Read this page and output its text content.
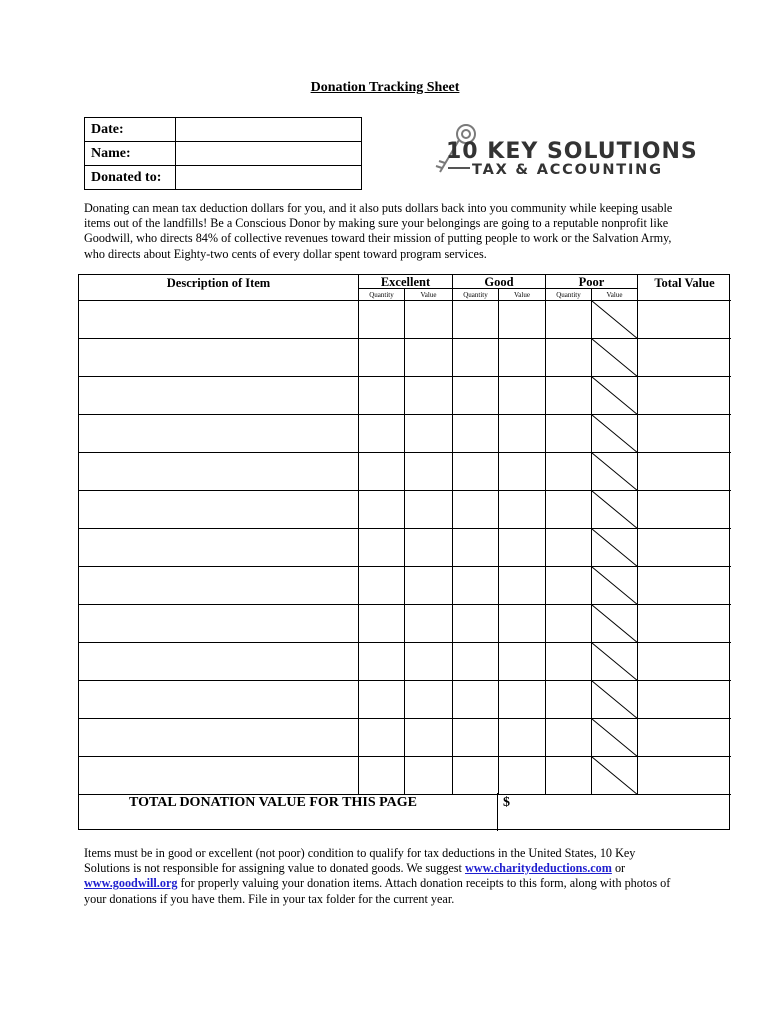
Donation Tracking Sheet
Date:	
Name:	
Donated to:	
10 KEY SOLUTIONS
TAX & ACCOUNTING
Donating can mean tax deduction dollars for you, and it also puts dollars back into you community while keeping usable items out of the landfills! Be a Conscious Donor by making sure your belongings are going to a reputable nonprofit like Goodwill, who directs 84% of collective revenues toward their mission of putting people to work or the Salvation Army, who directs about Eighty-two cents of every dollar spent toward program services.
Description of Item	Excellent	Good	Poor	Total Value
Quantity	Value	Quantity	Value	Quantity	Value
TOTAL DONATION VALUE FOR THIS PAGE	$
Items must be in good or excellent (not poor) condition to qualify for tax deductions in the United States, 10 Key Solutions is not responsible for assigning value to donated goods. We suggest www.charitydeductions.com or www.goodwill.org for properly valuing your donation items. Attach donation receipts to this form, along with photos of your donations if you have them. File in your tax folder for the current year.
